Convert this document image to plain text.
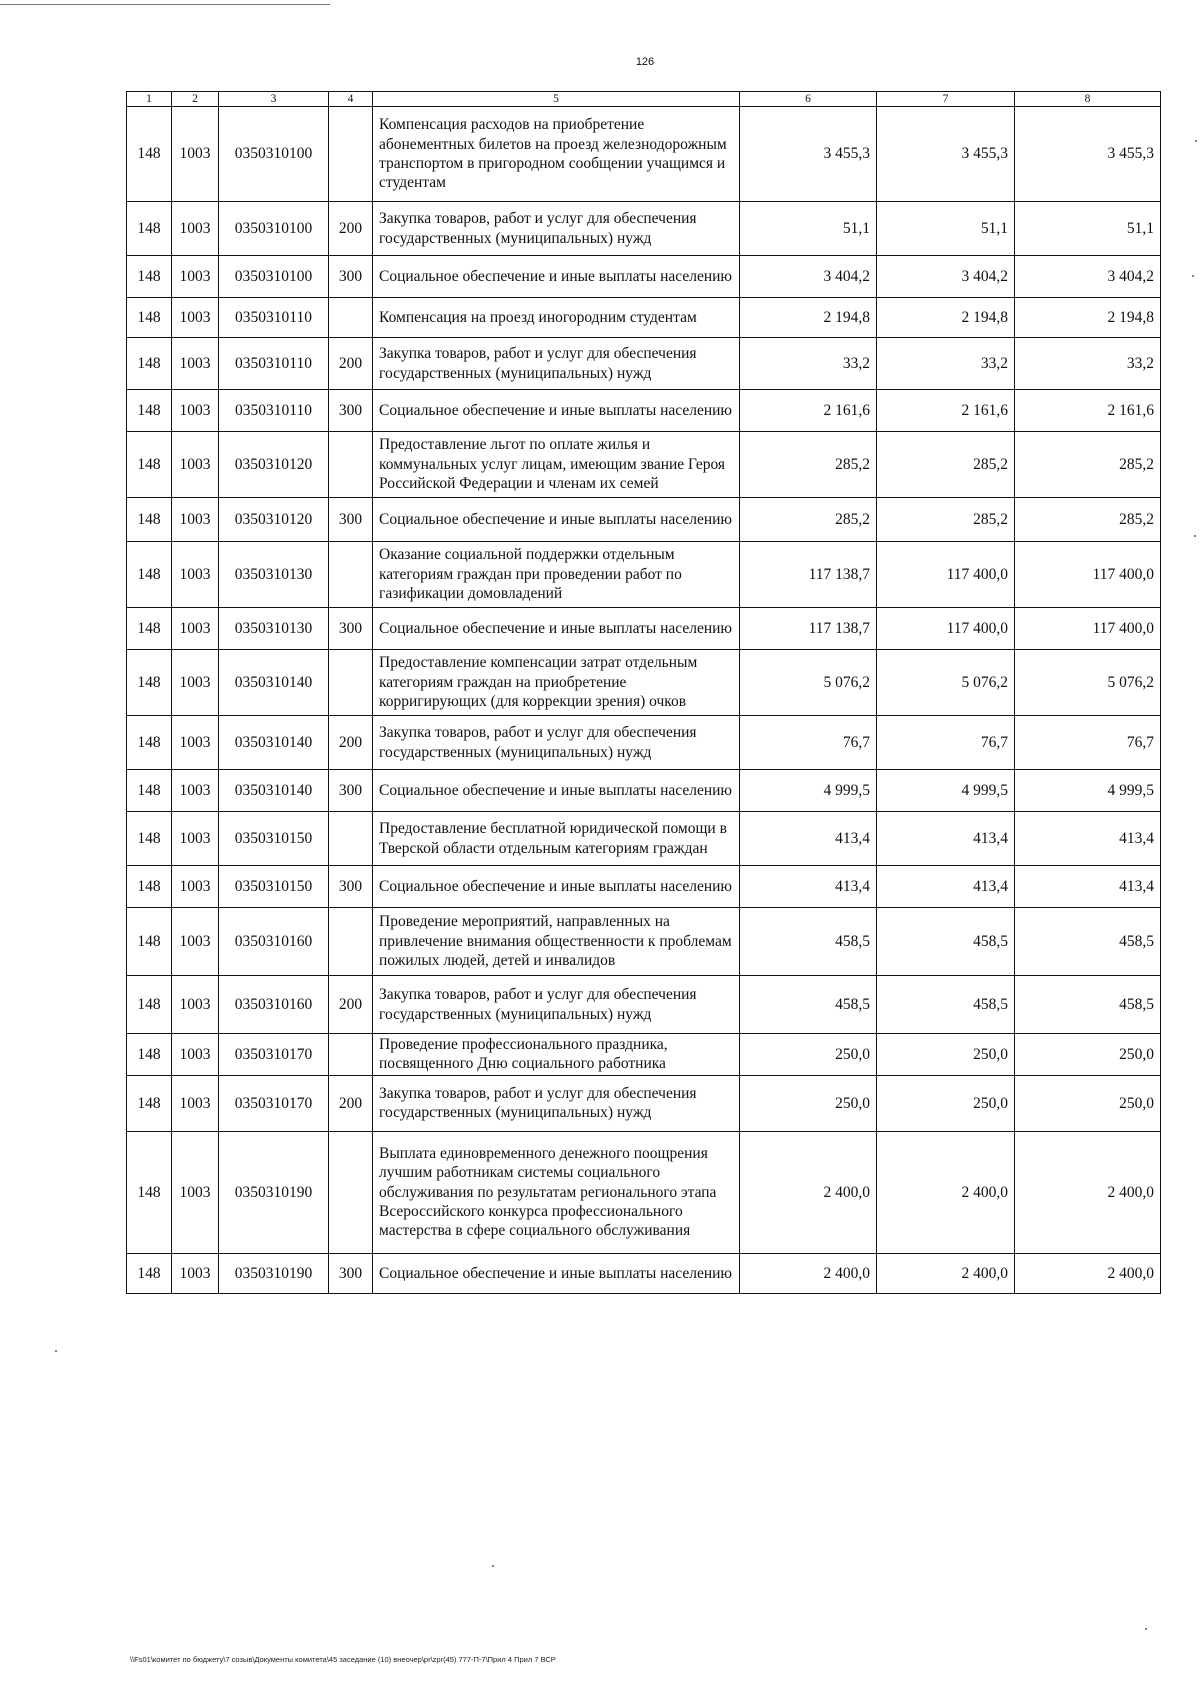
126
1	2	3	4	5	6	7	8
148	1003	0350310100		Компенсация расходов на приобретение абонементных билетов на проезд железнодорожным транспортом в пригородном сообщении учащимся и студентам	3 455,3	3 455,3	3 455,3
148	1003	0350310100	200	Закупка товаров, работ и услуг для обеспечения государственных (муниципальных) нужд	51,1	51,1	51,1
148	1003	0350310100	300	Социальное обеспечение и иные выплаты населению	3 404,2	3 404,2	3 404,2
148	1003	0350310110		Компенсация на проезд иногородним студентам	2 194,8	2 194,8	2 194,8
148	1003	0350310110	200	Закупка товаров, работ и услуг для обеспечения государственных (муниципальных) нужд	33,2	33,2	33,2
148	1003	0350310110	300	Социальное обеспечение и иные выплаты населению	2 161,6	2 161,6	2 161,6
148	1003	0350310120		Предоставление льгот по оплате жилья и коммунальных услуг лицам, имеющим звание Героя Российской Федерации и членам их семей	285,2	285,2	285,2
148	1003	0350310120	300	Социальное обеспечение и иные выплаты населению	285,2	285,2	285,2
148	1003	0350310130		Оказание социальной поддержки отдельным категориям граждан при проведении работ по газификации домовладений	117 138,7	117 400,0	117 400,0
148	1003	0350310130	300	Социальное обеспечение и иные выплаты населению	117 138,7	117 400,0	117 400,0
148	1003	0350310140		Предоставление компенсации затрат отдельным категориям граждан на приобретение корригирующих (для коррекции зрения) очков	5 076,2	5 076,2	5 076,2
148	1003	0350310140	200	Закупка товаров, работ и услуг для обеспечения государственных (муниципальных) нужд	76,7	76,7	76,7
148	1003	0350310140	300	Социальное обеспечение и иные выплаты населению	4 999,5	4 999,5	4 999,5
148	1003	0350310150		Предоставление бесплатной юридической помощи в Тверской области отдельным категориям граждан	413,4	413,4	413,4
148	1003	0350310150	300	Социальное обеспечение и иные выплаты населению	413,4	413,4	413,4
148	1003	0350310160		Проведение мероприятий, направленных на привлечение внимания общественности к проблемам пожилых людей, детей и инвалидов	458,5	458,5	458,5
148	1003	0350310160	200	Закупка товаров, работ и услуг для обеспечения государственных (муниципальных) нужд	458,5	458,5	458,5
148	1003	0350310170		Проведение профессионального праздника, посвященного Дню социального работника	250,0	250,0	250,0
148	1003	0350310170	200	Закупка товаров, работ и услуг для обеспечения государственных (муниципальных) нужд	250,0	250,0	250,0
148	1003	0350310190		Выплата единовременного денежного поощрения лучшим работникам системы социального обслуживания по результатам регионального этапа Всероссийского конкурса профессионального мастерства в сфере социального обслуживания	2 400,0	2 400,0	2 400,0
148	1003	0350310190	300	Социальное обеспечение и иные выплаты населению	2 400,0	2 400,0	2 400,0
\\Fs01\комитет по бюджету\7 созыв\Документы комитета\45 заседание (10) внеочер\pr\zpr(45) 777-П-7\Прил 4 Прил 7 ВСР
